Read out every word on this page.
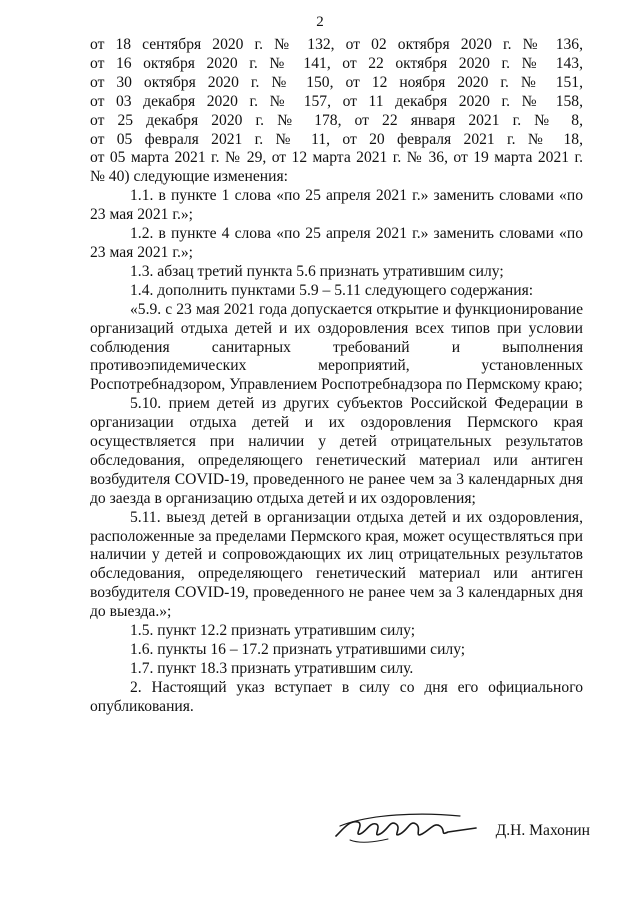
2
от 18 сентября 2020 г. № 132, от 02 октября 2020 г. № 136,
от 16 октября 2020 г. № 141, от 22 октября 2020 г. № 143,
от 30 октября 2020 г. № 150, от 12 ноября 2020 г. № 151,
от 03 декабря 2020 г. № 157, от 11 декабря 2020 г. № 158,
от 25 декабря 2020 г. № 178, от 22 января 2021 г. № 8,
от 05 февраля 2021 г. № 11, от 20 февраля 2021 г. № 18,
от 05 марта 2021 г. № 29, от 12 марта 2021 г. № 36, от 19 марта 2021 г.
№ 40) следующие изменения:

1.1. в пункте 1 слова «по 25 апреля 2021 г.» заменить словами «по 23 мая 2021 г.»;

1.2. в пункте 4 слова «по 25 апреля 2021 г.» заменить словами «по 23 мая 2021 г.»;

1.3. абзац третий пункта 5.6 признать утратившим силу;

1.4. дополнить пунктами 5.9 – 5.11 следующего содержания:

«5.9. с 23 мая 2021 года допускается открытие и функционирование организаций отдыха детей и их оздоровления всех типов при условии соблюдения санитарных требований и выполнения противоэпидемических мероприятий, установленных Роспотребнадзором, Управлением Роспотребнадзора по Пермскому краю;

5.10. прием детей из других субъектов Российской Федерации в организации отдыха детей и их оздоровления Пермского края осуществляется при наличии у детей отрицательных результатов обследования, определяющего генетический материал или антиген возбудителя COVID-19, проведенного не ранее чем за 3 календарных дня до заезда в организацию отдыха детей и их оздоровления;

5.11. выезд детей в организации отдыха детей и их оздоровления, расположенные за пределами Пермского края, может осуществляться при наличии у детей и сопровождающих их лиц отрицательных результатов обследования, определяющего генетический материал или антиген возбудителя COVID-19, проведенного не ранее чем за 3 календарных дня до выезда.»;

1.5. пункт 12.2 признать утратившим силу;

1.6. пункты 16 – 17.2 признать утратившими силу;

1.7. пункт 18.3 признать утратившим силу.

2. Настоящий указ вступает в силу со дня его официального опубликования.

Д.Н. Махонин
